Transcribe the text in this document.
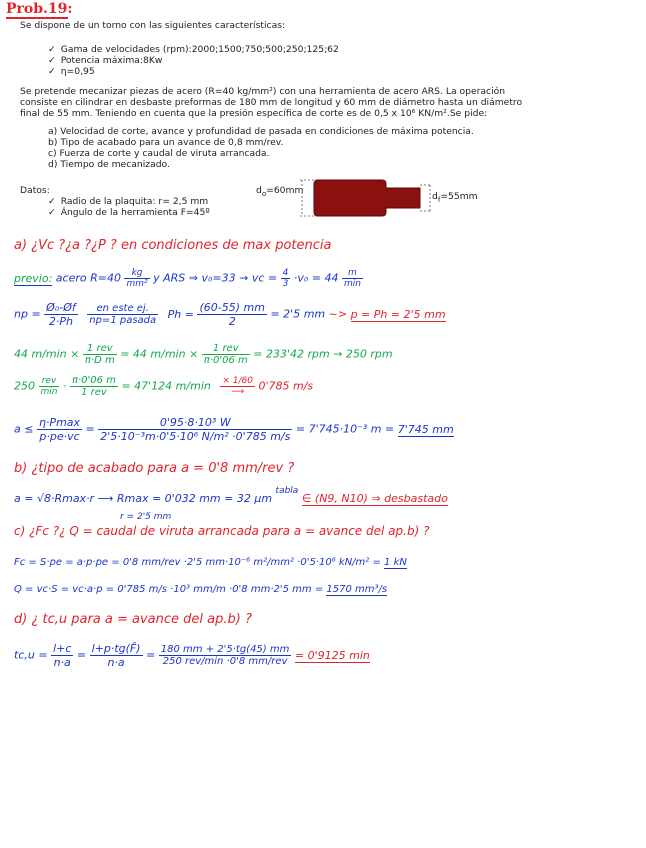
Prob.19:
Se dispone de un torno con las siguientes características:
✓ Gama de velocidades (rpm):2000;1500;750;500;250;125;62
✓ Potencia máxima:8Kw
✓ η=0,95
Se pretende mecanizar piezas de acero (R=40 kg/mm²) con una herramienta de acero ARS. La operación
consiste en cilindrar en desbaste preformas de 180 mm de longitud y 60 mm de diámetro hasta un diámetro
final de 55 mm. Teniendo en cuenta que la presión específica de corte es de 0,5 x 10⁶ KN/m².Se pide:
a) Velocidad de corte, avance y profundidad de pasada en condiciones de máxima potencia.
b) Tipo de acabado para un avance de 0,8 mm/rev.
c) Fuerza de corte y caudal de viruta arrancada.
d) Tiempo de mecanizado.
Datos:
✓ Radio de la plaquita: r= 2,5 mm
✓ Ángulo de la herramienta F=45º
$d_o=60mm$
$d_f=55mm$
a) ¿Vc ?¿a ?¿P ? en condiciones de max potencia
previo: acero $R=40 \frac{kg}{\text{mm²}}$ y ARS ⇒ v₀=33 → vc = $\frac{4}{3} \cdot v_0 = 44 \frac{m}{\min}$
np = $\frac{\text{Ø₀-Øf}}{2\cdot Ph}$
$\frac{\text{en este ej.}}{\text{np=1 pasada}}$ $Ph = \frac{(60-55) mm}{2} = 2'5$ mm ~> p = Ph = 2'5 mm
44 $m/\min \times \frac{\text{1 rev}}{\text{π·D m}} = 44$ $m/\min \times \frac{\text{1 rev}}{\pi\cdot 0'06 m} = 233'42$ rpm → 250 rpm
$250 \frac{\text{rev}}{\min} \cdot \frac{\pi\cdot 0'06 m}{\text{1 rev}} = 47'124$ $m/\min \frac{\times 1/60}{⟶} 0'785$ m/s
$a \le \frac{\eta\cdot Pmax}{p\cdot pe\cdot vc} = \frac{\text{0'95·8·10³ W}}{\text{2'5·10⁻³m·0'5·10⁶ N/m² ·0'785 m/s}} = 7'745\cdot 10^{-3}$ m = 7'745 mm
b) ¿tipo de acabado para a = 0'8 mm/rev ?
a = √8·Rmax·r ⟶ Rmax = 0'032 mm = 32 μm $^{tabla}$ ∈ (N9, N10) ⇒ desbastado
r = 2'5 mm
c) ¿Fc ?¿ Q = caudal de viruta arrancada para a = avance del ap.b) ?
Fc = S·pe = a·p·pe = 0'8 mm/rev ·2'5 mm·10⁻⁶ m²/mm² ·0'5·10⁶ kN/m² = 1 kN
Q = vc·S = vc·a·p = 0'785 m/s ·10³ mm/m ·0'8 mm·2'5 mm = 1570 mm³/s
d) ¿ tc,u para a = avance del ap.b) ?
$tc,u = \frac{l+c}{n\cdot a} = \frac{l+p\cdot tg(F̂)}{n\cdot a} = \frac{180 mm + 2'5\cdot tg(45) mm}{\text{250 rev/min ·0'8 mm/rev}} = 0'9125$ min
